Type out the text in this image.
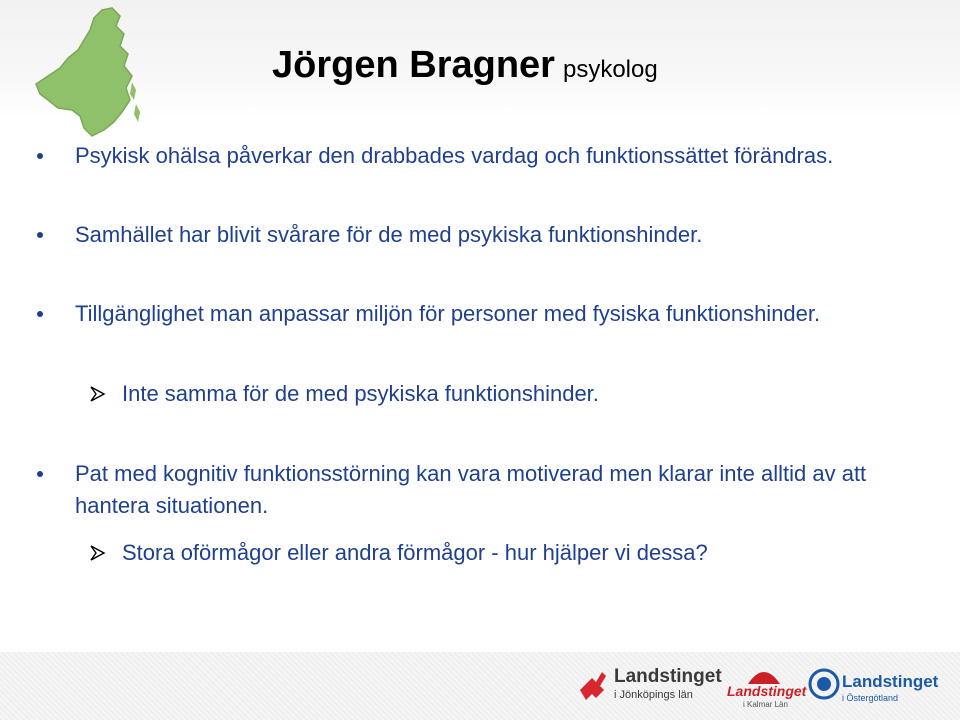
Jörgen Bragner psykolog
Psykisk ohälsa påverkar den drabbades vardag och funktionssättet förändras.
Samhället har blivit svårare för de med psykiska funktionshinder.
Tillgänglighet man anpassar miljön för personer med fysiska funktionshinder.
Inte samma för de med psykiska funktionshinder.
Pat med kognitiv funktionsstörning kan vara motiverad men klarar inte alltid av att hantera situationen.
Stora oförmågor eller andra förmågor - hur hjälper vi dessa?
Landstinget
i Jönköpings län Landstinget
i Kalmar Län
Landstinget
i Östergötland
